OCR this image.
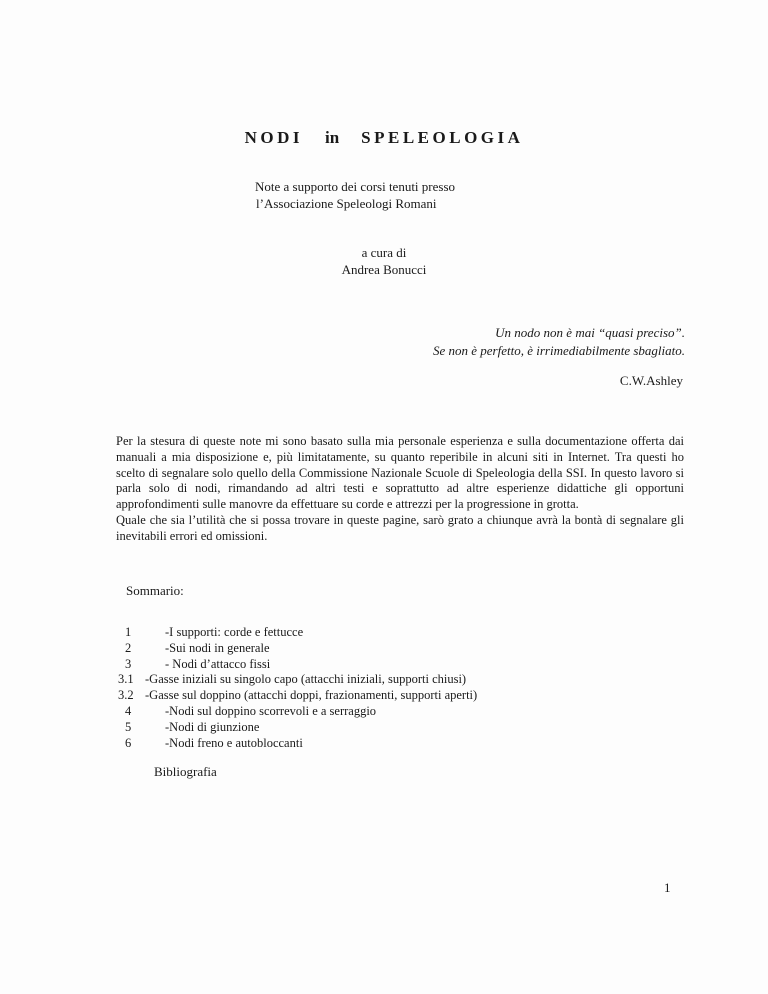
NODI in SPELEOLOGIA
Note a supporto dei corsi tenuti presso
l’Associazione Speleologi Romani
a cura di
Andrea Bonucci
Un nodo non è mai “quasi preciso”.
Se non è perfetto, è irrimediabilmente sbagliato.
C.W.Ashley

Per la stesura di queste note mi sono basato sulla mia personale esperienza e sulla documentazione offerta dai manuali a mia disposizione e, più limitatamente, su quanto reperibile in alcuni siti in Internet. Tra questi ho scelto di segnalare solo quello della Commissione Nazionale Scuole di Speleologia della SSI. In questo lavoro si parla solo di nodi, rimandando ad altri testi e soprattutto ad altre esperienze didattiche gli opportuni approfondimenti sulle manovre da effettuare su corde e attrezzi per la progressione in grotta.

Quale che sia l’utilità che si possa trovare in queste pagine, sarò grato a chiunque avrà la bontà di segnalare gli inevitabili errori ed omissioni.

Sommario:
1	-I supporti: corde e fettucce
2	-Sui nodi in generale
3	- Nodi d’attacco fissi
3.1 -Gasse iniziali su singolo capo (attacchi iniziali, supporti chiusi)
3.2 -Gasse sul doppino (attacchi doppi, frazionamenti, supporti aperti)
4	-Nodi sul doppino scorrevoli e a serraggio
5	-Nodi di giunzione
6	-Nodi freno e autobloccanti
Bibliografia
1
